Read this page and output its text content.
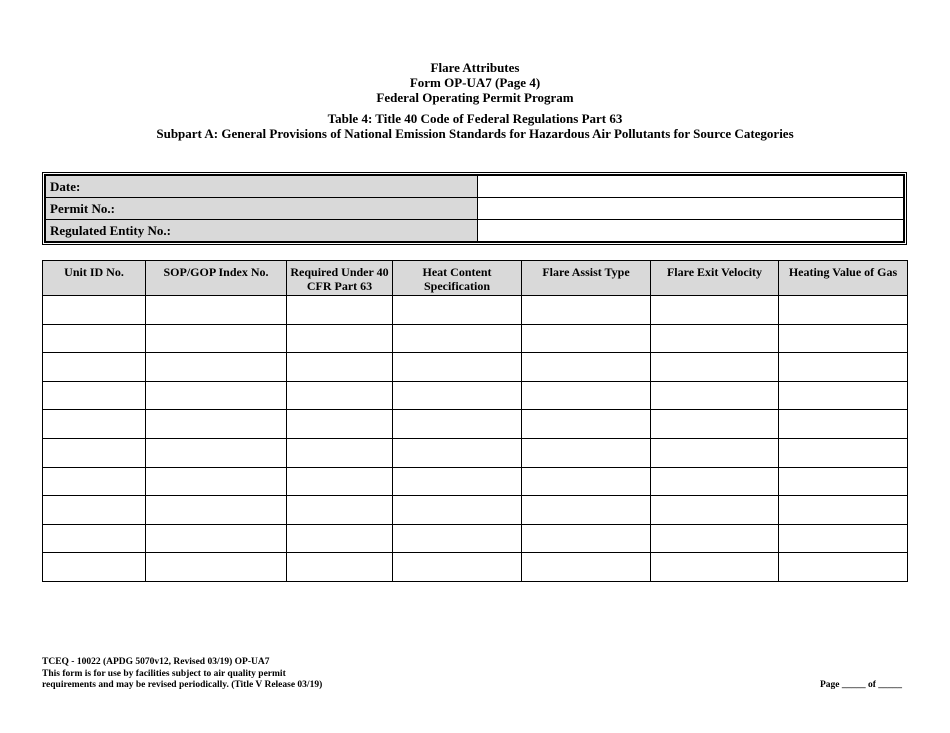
Flare Attributes
Form OP-UA7 (Page 4)
Federal Operating Permit Program
Table 4: Title 40 Code of Federal Regulations Part 63
Subpart A: General Provisions of National Emission Standards for Hazardous Air Pollutants for Source Categories
Date:	
Permit No.:	
Regulated Entity No.:	
Unit ID No.	SOP/GOP Index No.	Required Under 40 CFR Part 63	Heat Content Specification	Flare Assist Type	Flare Exit Velocity	Heating Value of Gas

TCEQ - 10022 (APDG 5070v12, Revised 03/19) OP-UA7
This form is for use by facilities subject to air quality permit
requirements and may be revised periodically. (Title V Release 03/19)	Page _____ of _____
